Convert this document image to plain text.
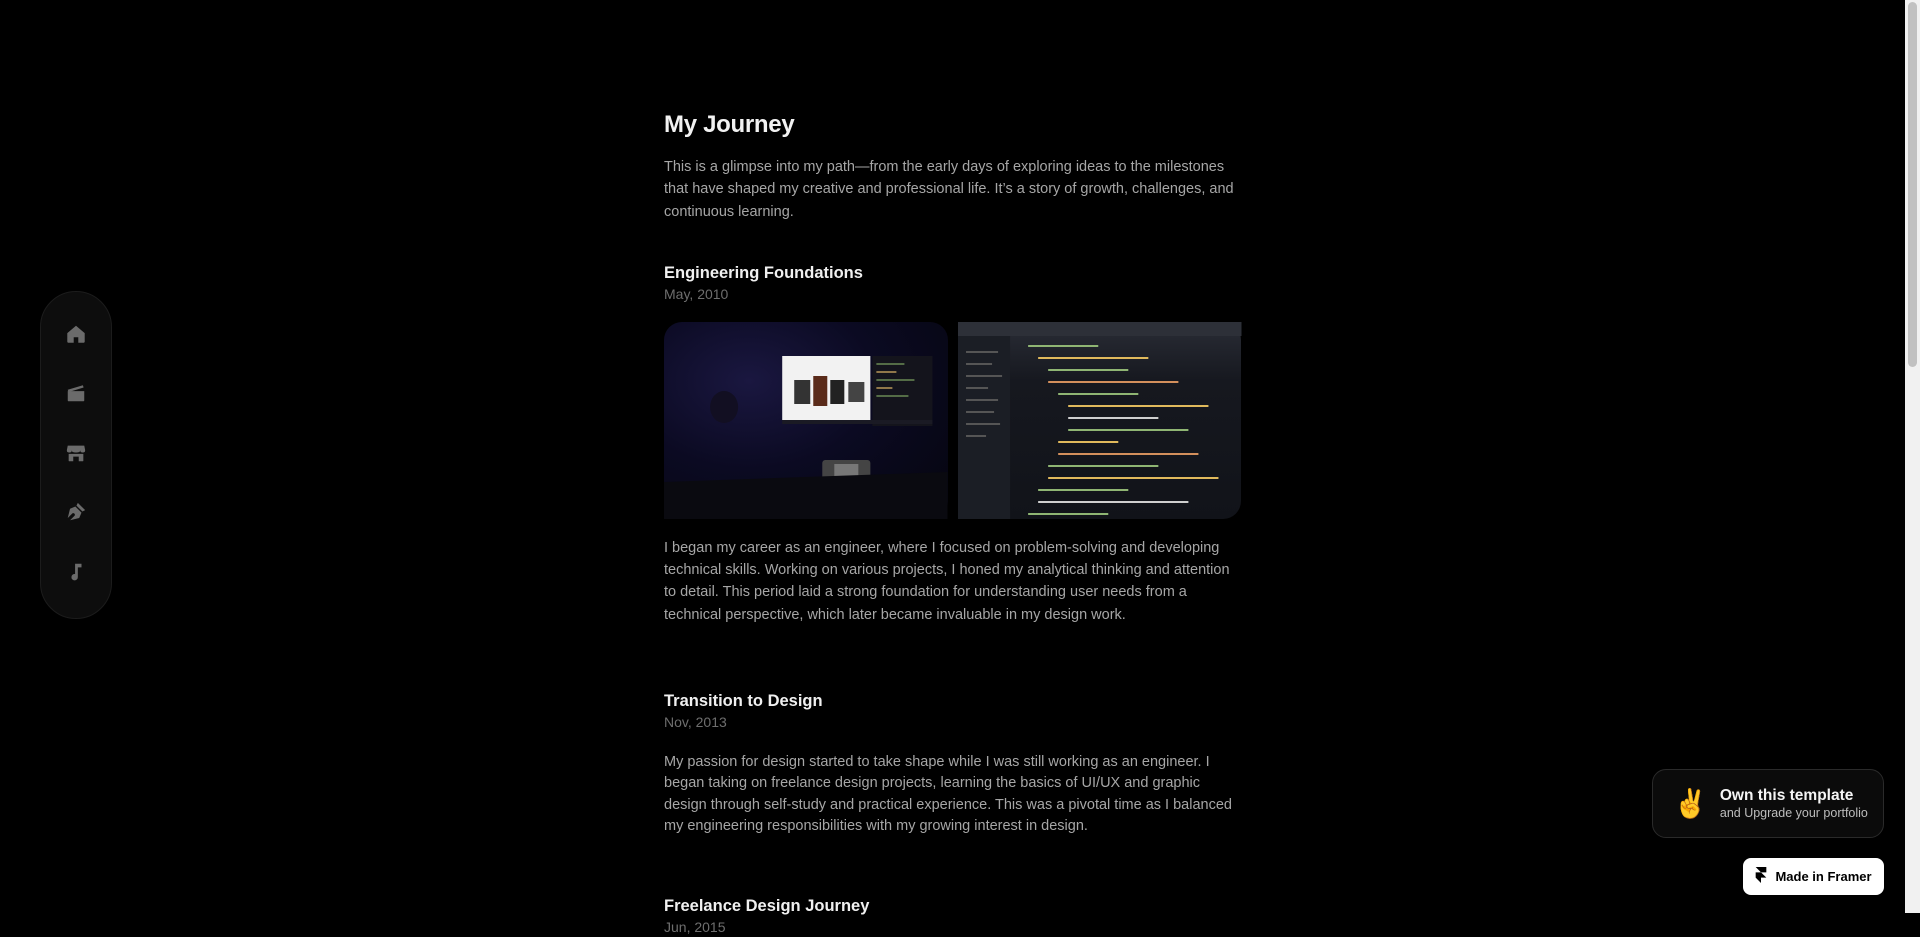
My Journey

This is a glimpse into my path—from the early days of exploring ideas to the milestones that have shaped my creative and professional life. It’s a story of growth, challenges, and continuous learning.

Engineering Foundations
May, 2010

I began my career as an engineer, where I focused on problem-solving and developing technical skills. Working on various projects, I honed my analytical thinking and attention to detail. This period laid a strong foundation for understanding user needs from a technical perspective, which later became invaluable in my design work.

Transition to Design
Nov, 2013

My passion for design started to take shape while I was still working as an engineer. I began taking on freelance design projects, learning the basics of UI/UX and graphic design through self-study and practical experience. This was a pivotal time as I balanced my engineering responsibilities with my growing interest in design.

Freelance Design Journey
Jun, 2015
✌️ Own this template
and Upgrade your portfolio
Made in Framer
